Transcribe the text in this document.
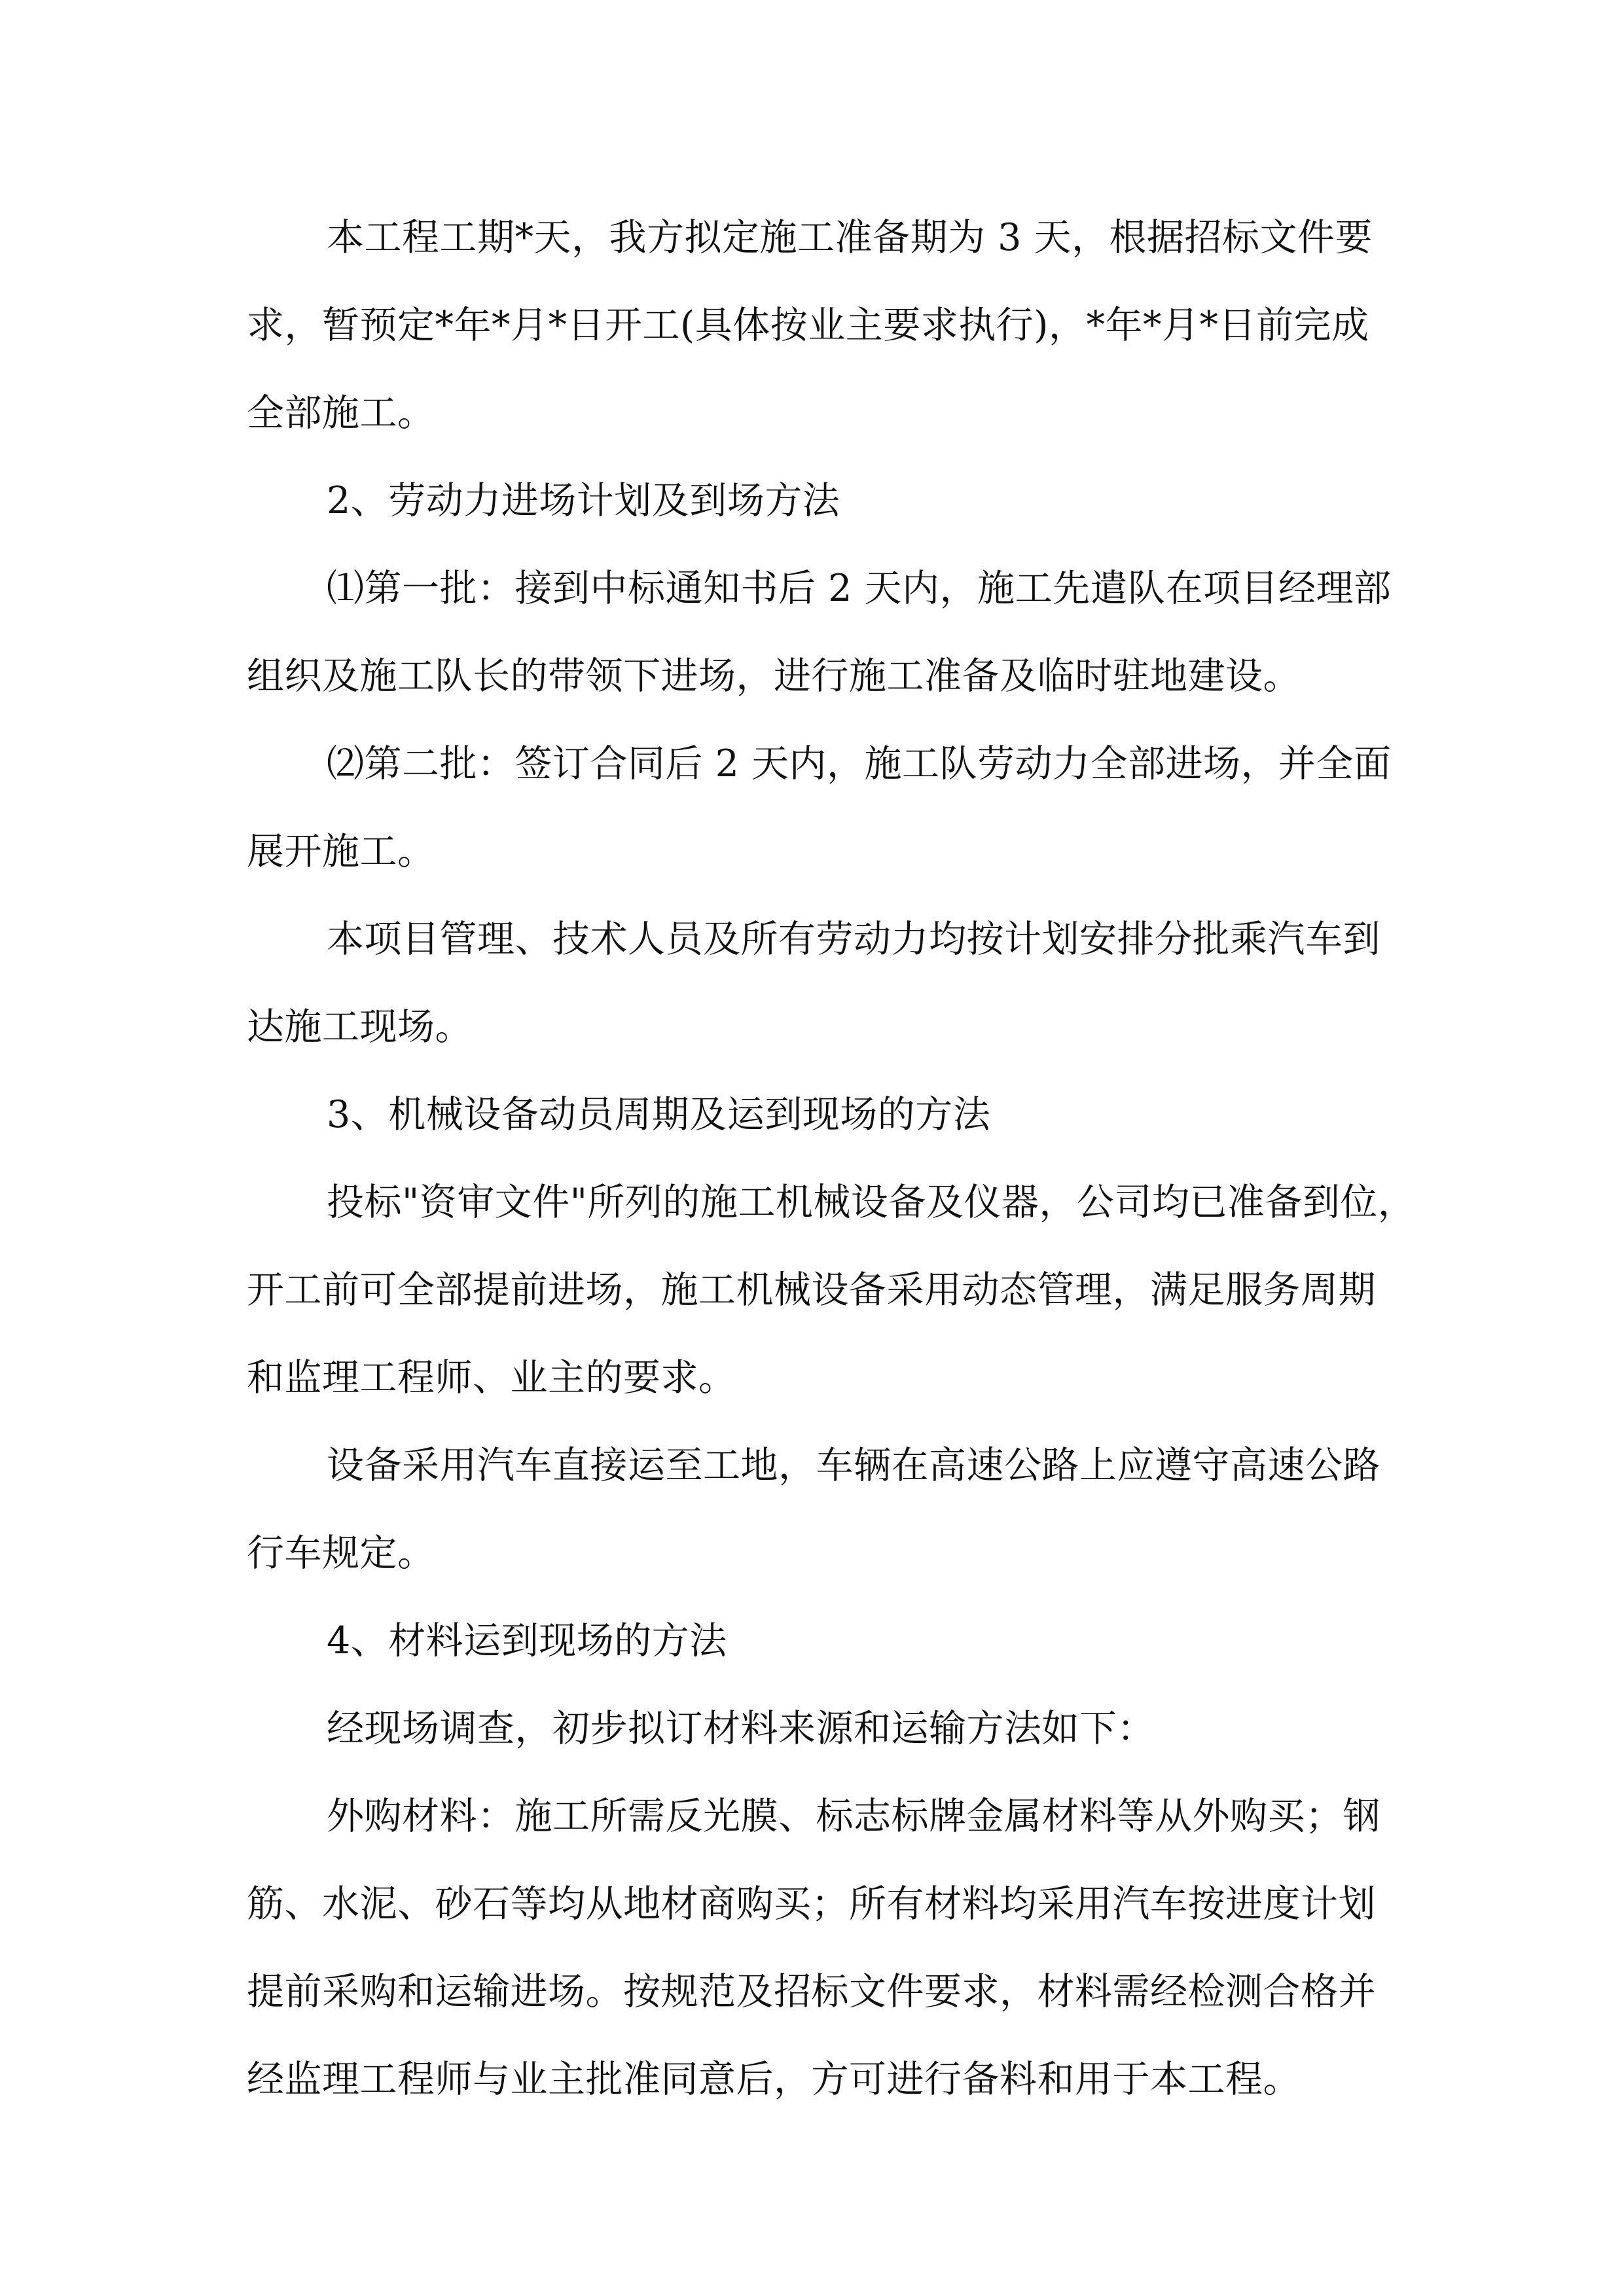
本工程工期*天，我方拟定施工准备期为 3 天，根据招标文件要
求，暂预定*年*月*日开工(具体按业主要求执行)，*年*月*日前完成
全部施工。
2、劳动力进场计划及到场方法
⑴第一批：接到中标通知书后 2 天内，施工先遣队在项目经理部
组织及施工队长的带领下进场，进行施工准备及临时驻地建设。
⑵第二批：签订合同后 2 天内，施工队劳动力全部进场，并全面
展开施工。
本项目管理、技术人员及所有劳动力均按计划安排分批乘汽车到
达施工现场。
3、机械设备动员周期及运到现场的方法
投标"资审文件"所列的施工机械设备及仪器，公司均已准备到位，
开工前可全部提前进场，施工机械设备采用动态管理，满足服务周期
和监理工程师、业主的要求。
设备采用汽车直接运至工地，车辆在高速公路上应遵守高速公路
行车规定。
4、材料运到现场的方法
经现场调查，初步拟订材料来源和运输方法如下：
外购材料：施工所需反光膜、标志标牌金属材料等从外购买；钢
筋、水泥、砂石等均从地材商购买；所有材料均采用汽车按进度计划
提前采购和运输进场。按规范及招标文件要求，材料需经检测合格并
经监理工程师与业主批准同意后，方可进行备料和用于本工程。
